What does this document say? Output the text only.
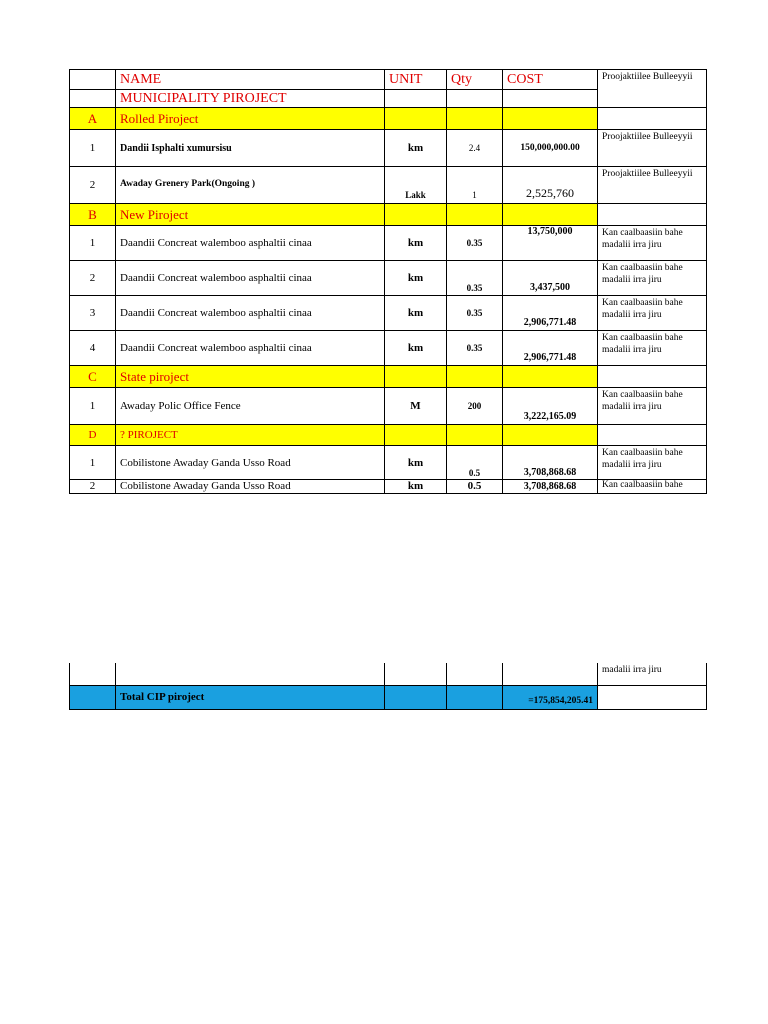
	NAME	UNIT	Qty	COST	Proojaktiilee Bulleeyyii
	MUNICIPALITY PIROJECT				
A	Rolled Piroject				
1	Dandii Isphalti xumursisu	km	2.4	150,000,000.00	Proojaktiilee Bulleeyyii
2	Awaday Grenery Park(Ongoing )	Lakk	1	2,525,760	Proojaktiilee Bulleeyyii
B	New Piroject				
1	Daandii Concreat walemboo asphaltii cinaa	km	0.35	13,750,000	Kan caalbaasiin bahe madalii irra jiru
2	Daandii Concreat walemboo asphaltii cinaa	km	0.35	3,437,500	Kan caalbaasiin bahe madalii irra jiru
3	Daandii Concreat walemboo asphaltii cinaa	km	0.35	2,906,771.48	Kan caalbaasiin bahe madalii irra jiru
4	Daandii Concreat walemboo asphaltii cinaa	km	0.35	2,906,771.48	Kan caalbaasiin bahe madalii irra jiru
C	State piroject				
1	Awaday Polic Office Fence	M	200	3,222,165.09	Kan caalbaasiin bahe madalii irra jiru
D	? PIROJECT				
1	Cobilistone Awaday Ganda Usso Road	km	0.5	3,708,868.68	Kan caalbaasiin bahe madalii irra jiru
2	Cobilistone Awaday Ganda Usso Road	km	0.5	3,708,868.68	Kan caalbaasiin bahe
					madalii irra jiru
	Total CIP piroject			=175,854,205.41	
